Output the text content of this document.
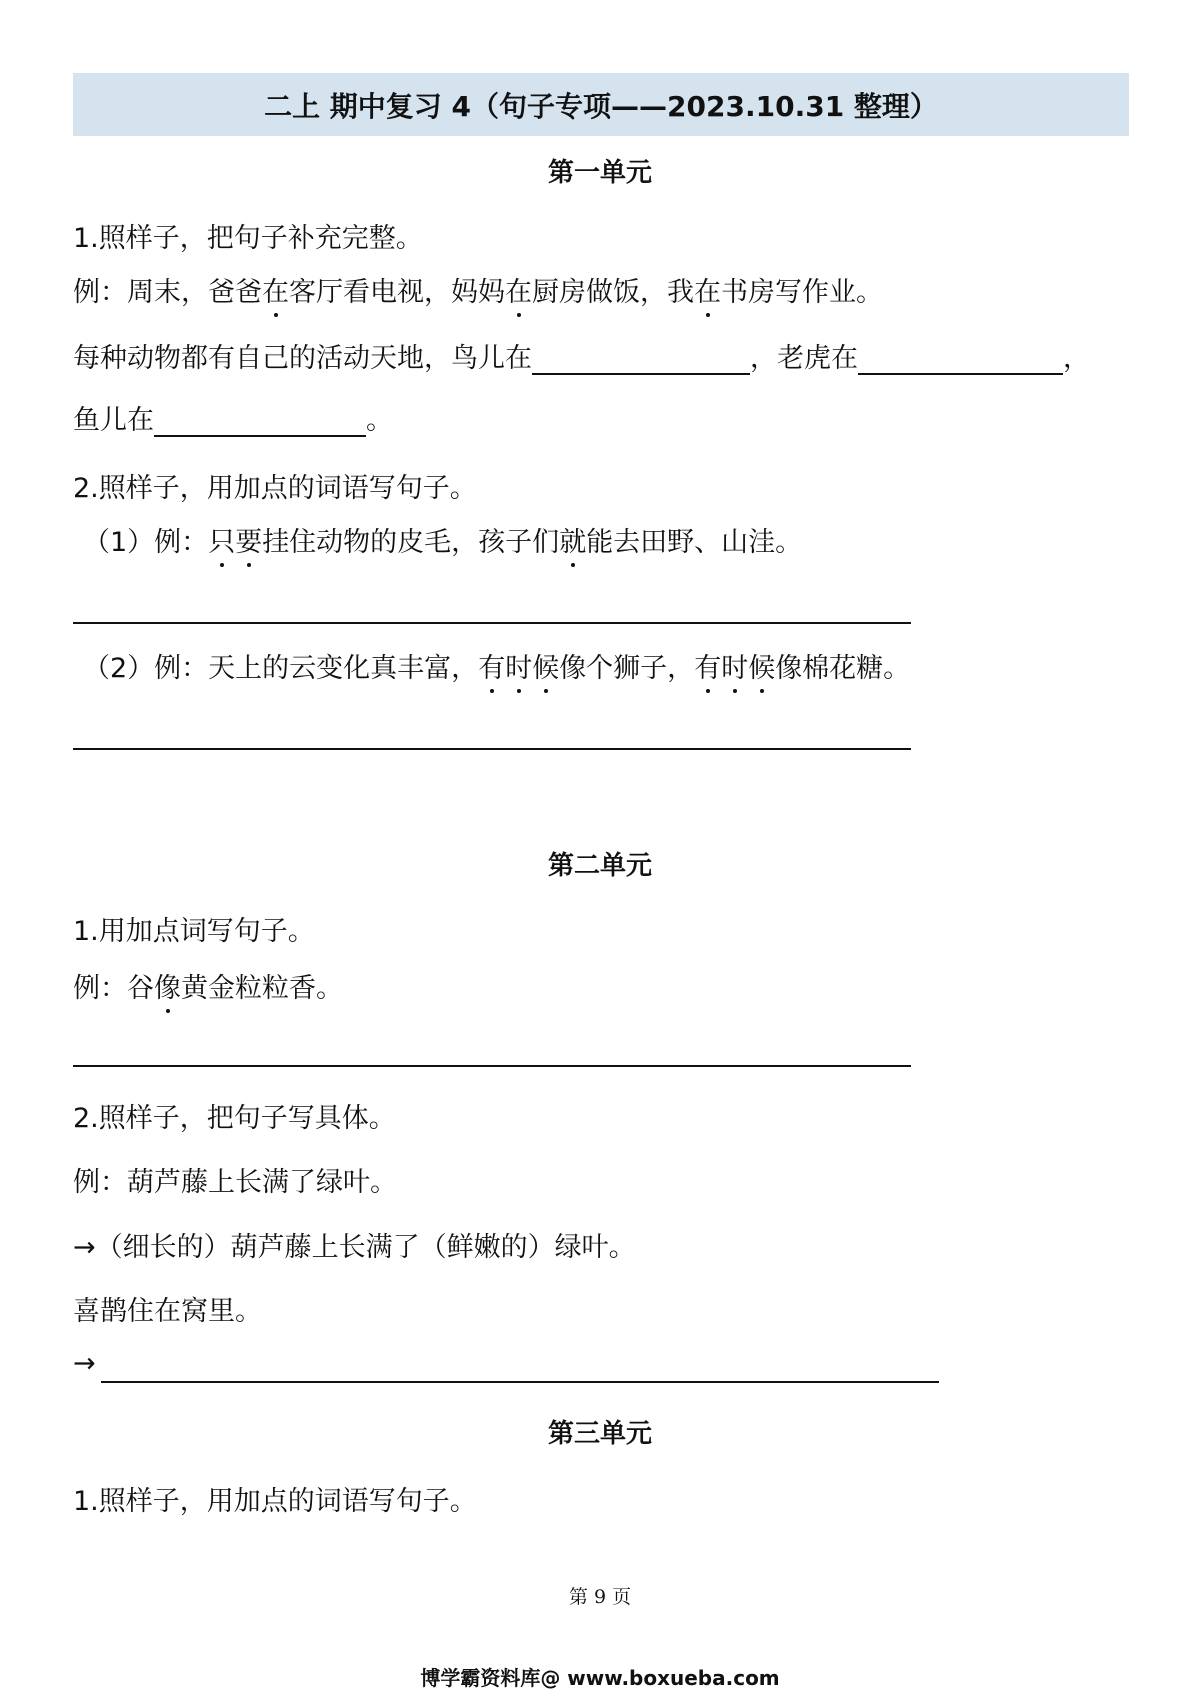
二上 期中复习 4（句子专项——2023.10.31 整理）
第一单元
1.照样子，把句子补充完整。
例：周末，爸爸在客厅看电视，妈妈在厨房做饭，我在书房写作业。
每种动物都有自己的活动天地，鸟儿在	，老虎在	，
鱼儿在	。
2.照样子，用加点的词语写句子。
（1）例：只要挂住动物的皮毛，孩子们就能去田野、山洼。
（2）例：天上的云变化真丰富，有时候像个狮子，有时候像棉花糖。
第二单元
1.用加点词写句子。
例：谷像黄金粒粒香。
2.照样子，把句子写具体。
例：葫芦藤上长满了绿叶。
→（细长的）葫芦藤上长满了（鲜嫩的）绿叶。
喜鹊住在窝里。
→
第三单元
1.照样子，用加点的词语写句子。
第 9 页
博学霸资料库@ www.boxueba.com
